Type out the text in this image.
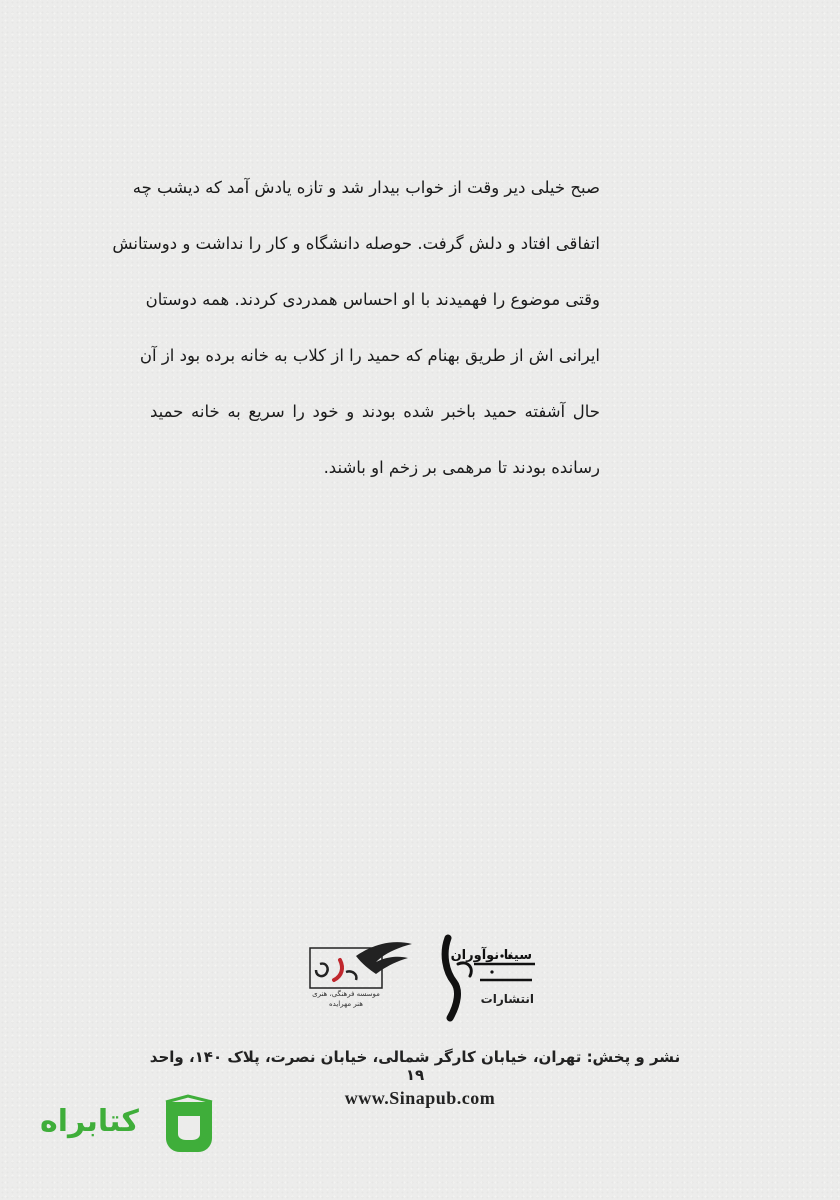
صبح خیلی دیر وقت از خواب بیدار شد و تازه یادش آمد که دیشب چه
اتفاقی افتاد و دلش گرفت. حوصله دانشگاه و کار را نداشت و دوستانش
وقتی موضوع را فهمیدند با او احساس همدردی کردند. همه دوستان
ایرانی اش از طریق بهنام که حمید را از کلاب به خانه برده بود از آن
حال آشفته حمید باخبر شده بودند و خود را سریع به خانه حمید
رسانده بودند تا مرهمی بر زخم او باشند.
سینا نوآوران
انتشارات
موسسه فرهنگی، هنری
هنر مهرایده
نشر و پخش: تهران، خیابان کارگر شمالی، خیابان نصرت، پلاک ۱۴۰، واحد ۱۹
www.Sinapub.com
کتابراه
